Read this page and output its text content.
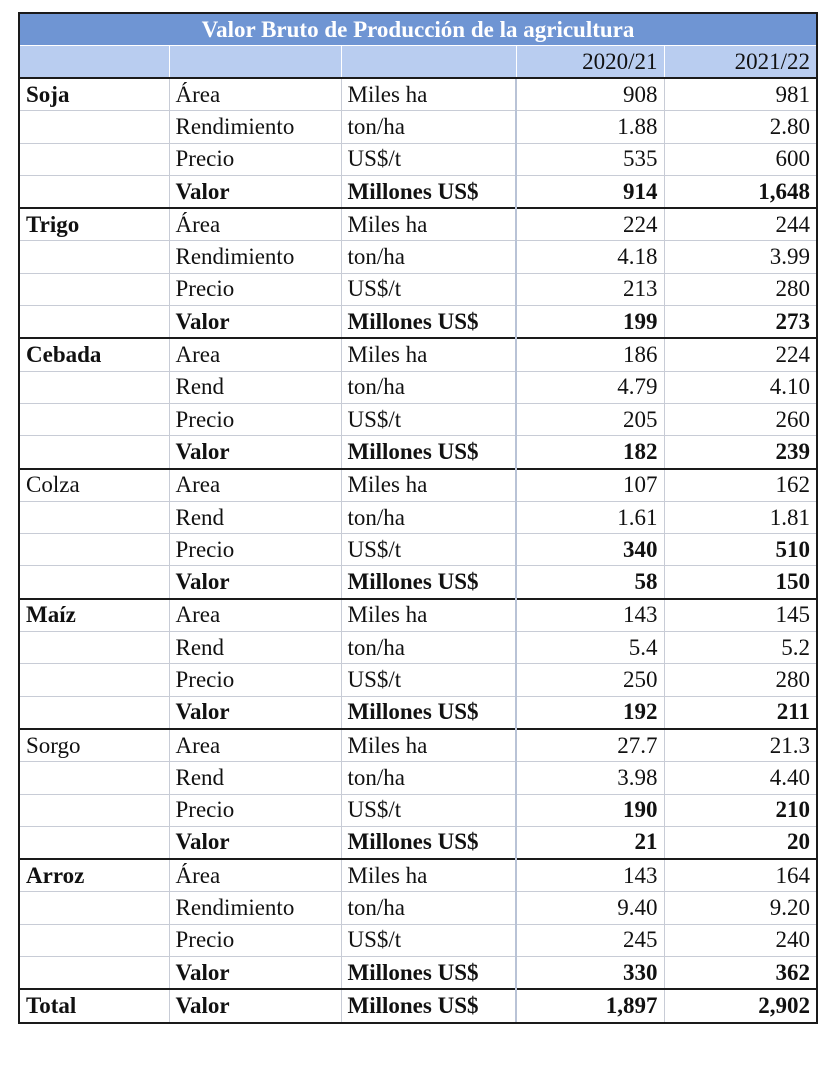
Valor Bruto de Producción de la agricultura				
			2020/21	2021/22
Soja	Área	Miles ha	908	981
	Rendimiento	ton/ha	1.88	2.80
	Precio	US$/t	535	600
	Valor	Millones US$	914	1,648
Trigo	Área	Miles ha	224	244
	Rendimiento	ton/ha	4.18	3.99
	Precio	US$/t	213	280
	Valor	Millones US$	199	273
Cebada	Area	Miles ha	186	224
	Rend	ton/ha	4.79	4.10
	Precio	US$/t	205	260
	Valor	Millones US$	182	239
Colza	Area	Miles ha	107	162
	Rend	ton/ha	1.61	1.81
	Precio	US$/t	340	510
	Valor	Millones US$	58	150
Maíz	Area	Miles ha	143	145
	Rend	ton/ha	5.4	5.2
	Precio	US$/t	250	280
	Valor	Millones US$	192	211
Sorgo	Area	Miles ha	27.7	21.3
	Rend	ton/ha	3.98	4.40
	Precio	US$/t	190	210
	Valor	Millones US$	21	20
Arroz	Área	Miles ha	143	164
	Rendimiento	ton/ha	9.40	9.20
	Precio	US$/t	245	240
	Valor	Millones US$	330	362
Total	Valor	Millones US$	1,897	2,902
